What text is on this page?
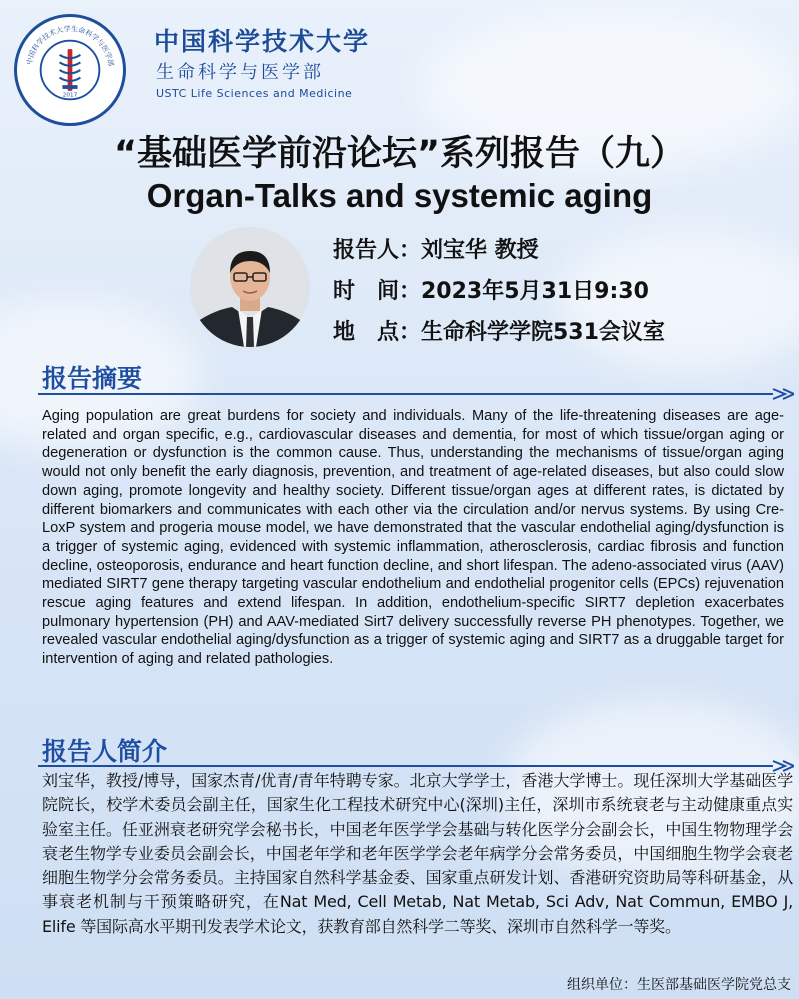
中国科学技术大学生命科学与医学部
2017
中国科学技术大学
生命科学与医学部
USTC Life Sciences and Medicine
“基础医学前沿论坛”系列报告（九）
Organ-Talks and systemic aging
报告人：刘宝华 教授
时　间：2023年5月31日9:30
地　点：生命科学学院531会议室
报告摘要
Aging population are great burdens for society and individuals. Many of the life-threatening diseases are age-related and organ specific, e.g., cardiovascular diseases and dementia, for most of which tissue/organ aging or degeneration or dysfunction is the common cause. Thus, understanding the mechanisms of tissue/organ aging would not only benefit the early diagnosis, prevention, and treatment of age-related diseases, but also could slow down aging, promote longevity and healthy society. Different tissue/organ ages at different rates, is dictated by different biomarkers and communicates with each other via the circulation and/or nervus systems. By using Cre-LoxP system and progeria mouse model, we have demonstrated that the vascular endothelial aging/dysfunction is a trigger of systemic aging, evidenced with systemic inflammation, atherosclerosis, cardiac fibrosis and function decline, osteoporosis, endurance and heart function decline, and short lifespan. The adeno-associated virus (AAV) mediated SIRT7 gene therapy targeting vascular endothelium and endothelial progenitor cells (EPCs) rejuvenation rescue aging features and extend lifespan. In addition, endothelium-specific SIRT7 depletion exacerbates pulmonary hypertension (PH) and AAV-mediated Sirt7 delivery successfully reverse PH phenotypes. Together, we revealed vascular endothelial aging/dysfunction as a trigger of systemic aging and SIRT7 as a druggable target for intervention of aging and related pathologies.
报告人简介
刘宝华，教授/博导，国家杰青/优青/青年特聘专家。北京大学学士，香港大学博士。现任深圳大学基础医学院院长，校学术委员会副主任，国家生化工程技术研究中心(深圳)主任，深圳市系统衰老与主动健康重点实验室主任。任亚洲衰老研究学会秘书长，中国老年医学学会基础与转化医学分会副会长，中国生物物理学会衰老生物学专业委员会副会长，中国老年学和老年医学学会老年病学分会常务委员，中国细胞生物学会衰老细胞生物学分会常务委员。主持国家自然科学基金委、国家重点研发计划、香港研究资助局等科研基金，从事衰老机制与干预策略研究，在Nat Med, Cell Metab, Nat Metab, Sci Adv, Nat Commun, EMBO J, Elife 等国际高水平期刊发表学术论文，获教育部自然科学二等奖、深圳市自然科学一等奖。
组织单位：生医部基础医学院党总支
